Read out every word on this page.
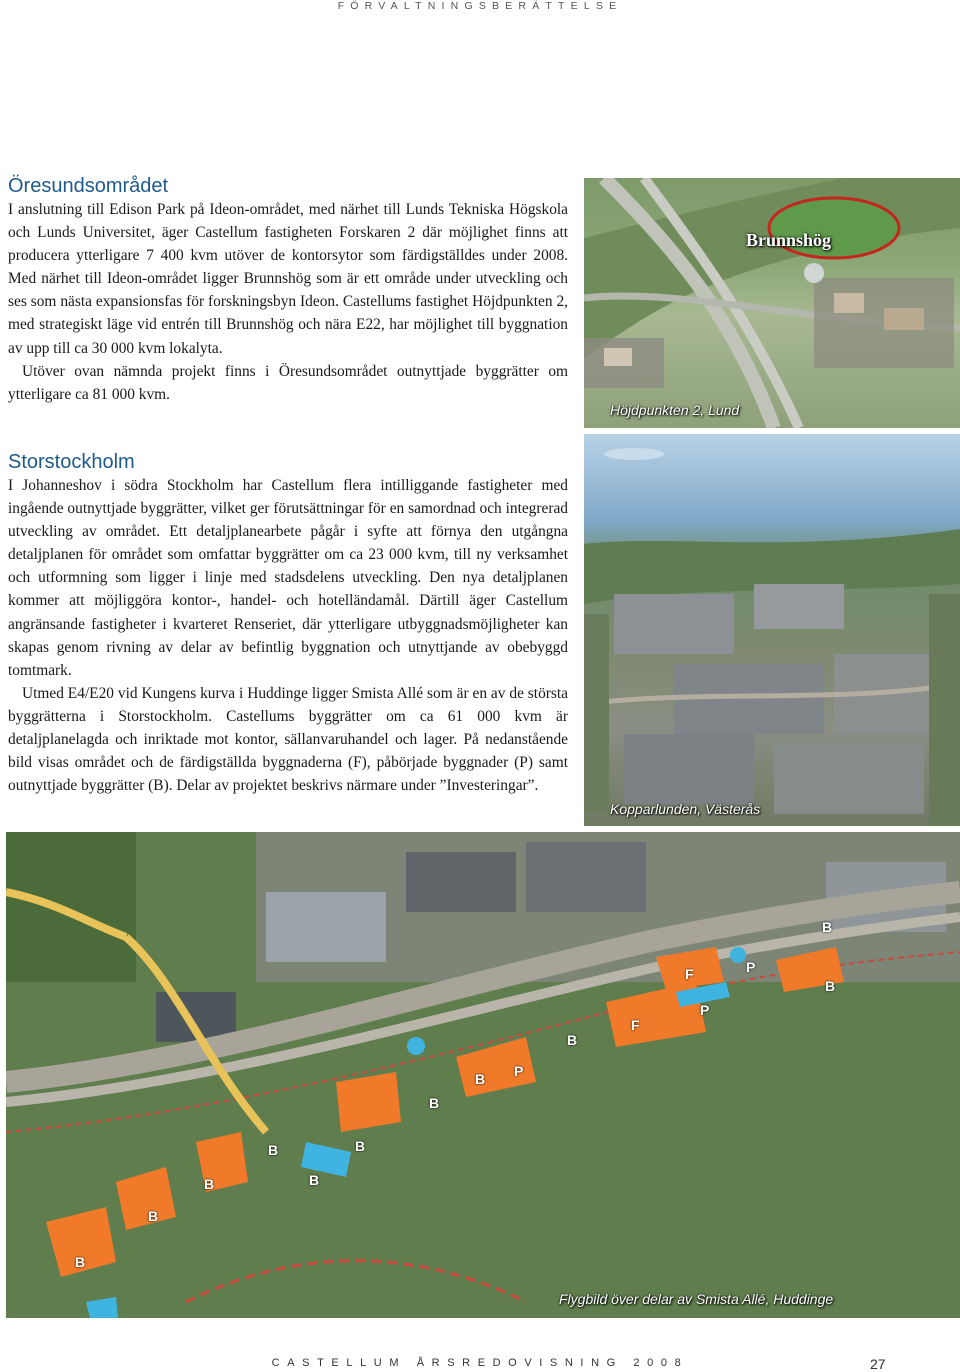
FÖRVALTNINGSBERÄTTELSE
Öresundsområdet

I anslutning till Edison Park på Ideon-området, med närhet till Lunds Tekniska Högskola och Lunds Universitet, äger Castellum fastigheten Forskaren 2 där möjlighet finns att producera ytterligare 7 400 kvm utöver de kontorsytor som färdigställdes under 2008. Med närhet till Ideon-området ligger Brunnshög som är ett område under utveckling och ses som nästa expansionsfas för forskningsbyn Ideon. Castellums fastighet Höjdpunkten 2, med strategiskt läge vid entrén till Brunnshög och nära E22, har möjlighet till byggnation av upp till ca 30 000 kvm lokalyta.

Utöver ovan nämnda projekt finns i Öresundsområdet outnyttjade byggrätter om ytterligare ca 81 000 kvm.

Storstockholm

I Johanneshov i södra Stockholm har Castellum flera intilliggande fastigheter med ingående outnyttjade byggrätter, vilket ger förutsättningar för en samordnad och integrerad utveckling av området. Ett detaljplanearbete pågår i syfte att förnya den utgångna detaljplanen för området som omfattar byggrätter om ca 23 000 kvm, till ny verksamhet och utformning som ligger i linje med stadsdelens utveckling. Den nya detaljplanen kommer att möjliggöra kontor-, handel- och hotelländamål. Därtill äger Castellum angränsande fastigheter i kvarteret Renseriet, där ytterligare utbyggnadsmöjligheter kan skapas genom rivning av delar av befintlig byggnation och utnyttjande av obebyggd tomtmark.

Utmed E4/E20 vid Kungens kurva i Huddinge ligger Smista Allé som är en av de största byggrätterna i Storstockholm. Castellums byggrätter om ca 61 000 kvm är detaljplanelagda och inriktade mot kontor, sällanvaruhandel och lager. På nedanstående bild visas området och de färdigställda byggnaderna (F), påbörjade byggnader (P) samt outnyttjade byggrätter (B). Delar av projektet beskrivs närmare under ”Investeringar”.

Brunnshög
Höjdpunkten 2, Lund
Kopparlunden, Västerås
Flygbild över delar av Smista Allé, Huddinge
B
F	P
B
P
F
B
P
B
B
B
B
B
B
B
B
CASTELLUM ÅRSREDOVISNING 2008	27
